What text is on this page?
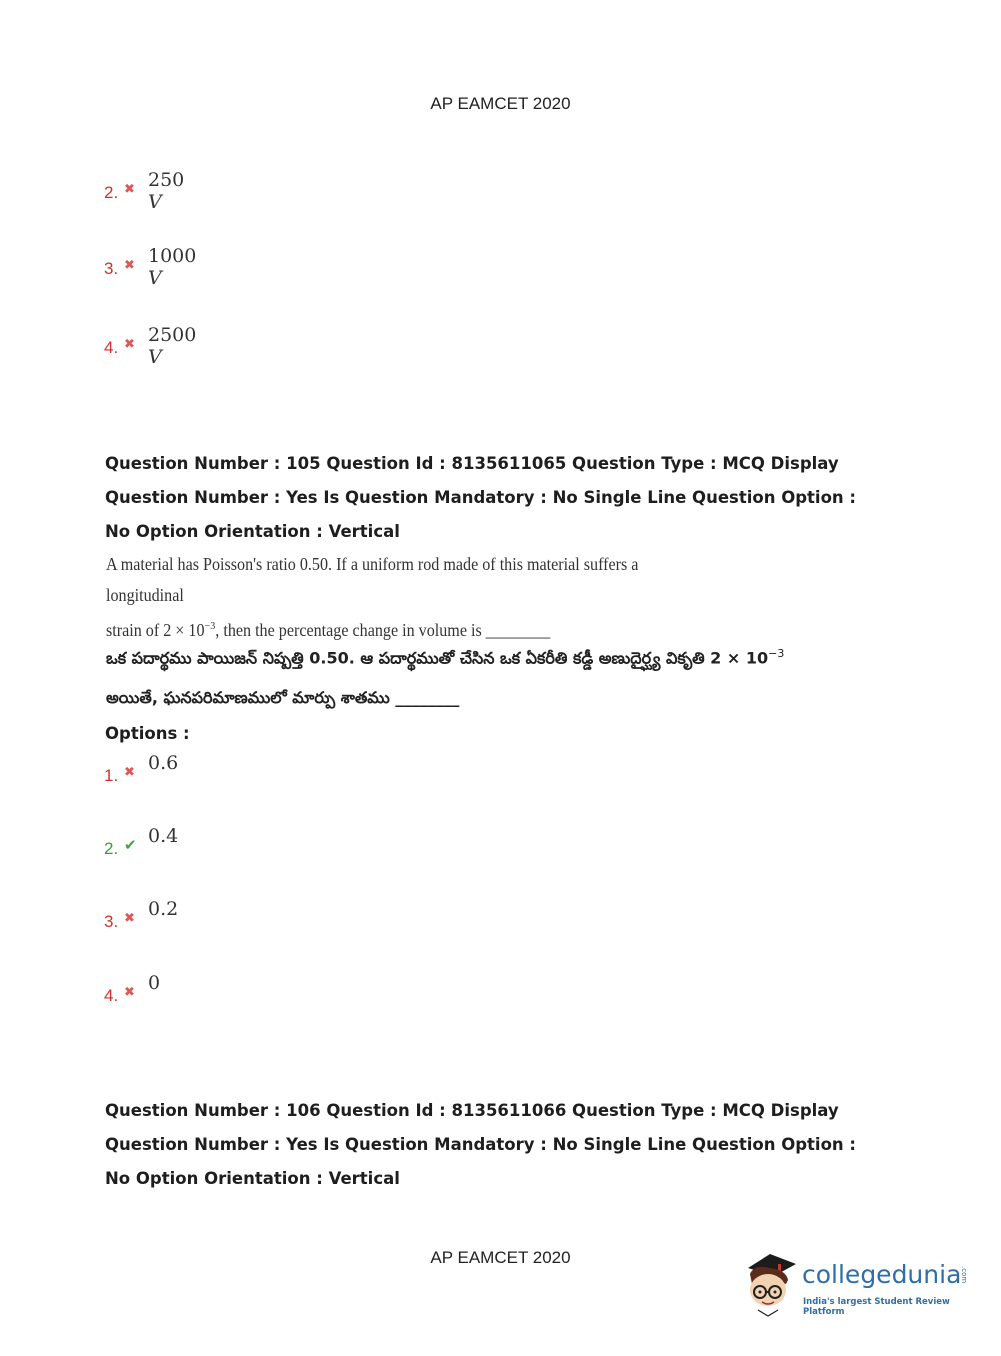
AP EAMCET 2020
2. ✖ 250 V
3. ✖ 1000 V
4. ✖ 2500 V
Question Number : 105 Question Id : 8135611065 Question Type : MCQ Display Question Number : Yes Is Question Mandatory : No Single Line Question Option : No Option Orientation : Vertical
A material has Poisson's ratio 0.50. If a uniform rod made of this material suffers a longitudinal
strain of $2 \times 10^{-3}$, then the percentage change in volume is ________
ఒక పదార్థము పాయిజన్ నిష్పత్తి 0.50. ఆ పదార్థముతో చేసిన ఒక ఏకరీతి కడ్డీ అణుదైర్ఘ్య వికృతి $2 \times 10^{-3}$
అయితే, ఘనపరిమాణములో మార్పు శాతము ________
Options :
1. ✖ 0.6
2. ✔ 0.4
3. ✖ 0.2
4. ✖ 0
Question Number : 106 Question Id : 8135611066 Question Type : MCQ Display Question Number : Yes Is Question Mandatory : No Single Line Question Option : No Option Orientation : Vertical
AP EAMCET 2020
collegedunia
.com
India's largest Student Review Platform
